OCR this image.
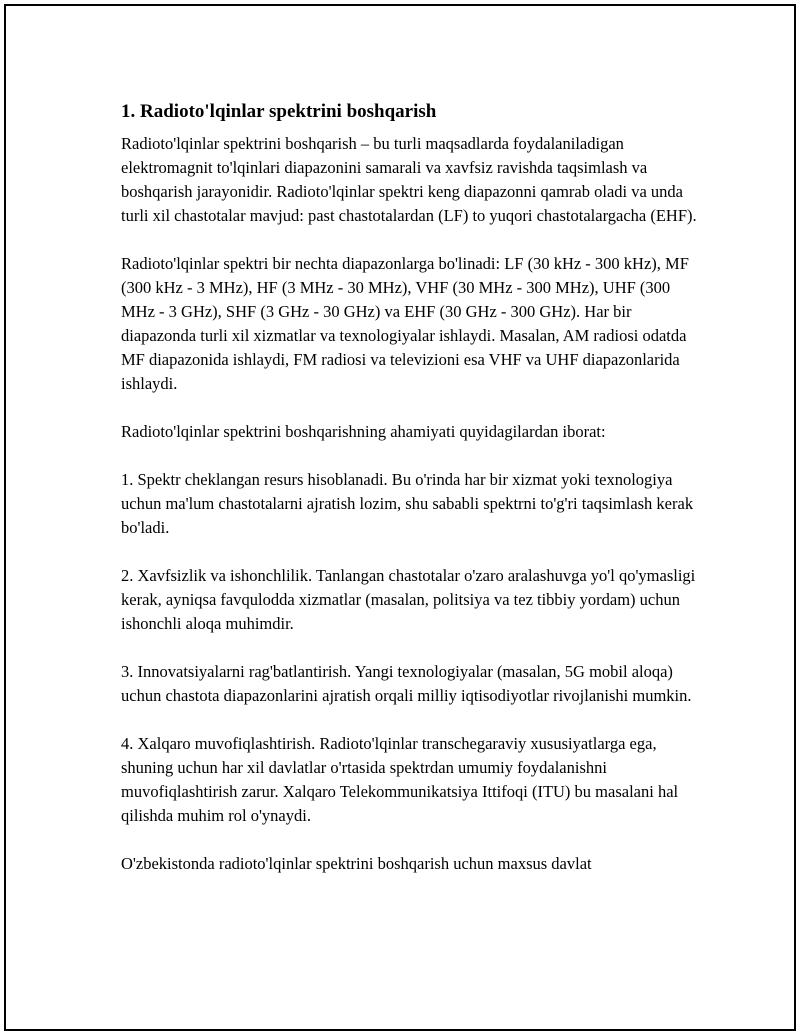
1. Radioto'lqinlar spektrini boshqarish

Radioto'lqinlar spektrini boshqarish – bu turli maqsadlarda foydalaniladigan elektromagnit to'lqinlari diapazonini samarali va xavfsiz ravishda taqsimlash va boshqarish jarayonidir. Radioto'lqinlar spektri keng diapazonni qamrab oladi va unda turli xil chastotalar mavjud: past chastotalardan (LF) to yuqori chastotalargacha (EHF).

Radioto'lqinlar spektri bir nechta diapazonlarga bo'linadi: LF (30 kHz - 300 kHz), MF (300 kHz - 3 MHz), HF (3 MHz - 30 MHz), VHF (30 MHz - 300 MHz), UHF (300 MHz - 3 GHz), SHF (3 GHz - 30 GHz) va EHF (30 GHz - 300 GHz). Har bir diapazonda turli xil xizmatlar va texnologiyalar ishlaydi. Masalan, AM radiosi odatda MF diapazonida ishlaydi, FM radiosi va televizioni esa VHF va UHF diapazonlarida ishlaydi.

Radioto'lqinlar spektrini boshqarishning ahamiyati quyidagilardan iborat:

1. Spektr cheklangan resurs hisoblanadi. Bu o'rinda har bir xizmat yoki texnologiya uchun ma'lum chastotalarni ajratish lozim, shu sababli spektrni to'g'ri taqsimlash kerak bo'ladi.

2. Xavfsizlik va ishonchlilik. Tanlangan chastotalar o'zaro aralashuvga yo'l qo'ymasligi kerak, ayniqsa favqulodda xizmatlar (masalan, politsiya va tez tibbiy yordam) uchun ishonchli aloqa muhimdir.

3. Innovatsiyalarni rag'batlantirish. Yangi texnologiyalar (masalan, 5G mobil aloqa) uchun chastota diapazonlarini ajratish orqali milliy iqtisodiyotlar rivojlanishi mumkin.

4. Xalqaro muvofiqlashtirish. Radioto'lqinlar transchegaraviy xususiyatlarga ega, shuning uchun har xil davlatlar o'rtasida spektrdan umumiy foydalanishni muvofiqlashtirish zarur. Xalqaro Telekommunikatsiya Ittifoqi (ITU) bu masalani hal qilishda muhim rol o'ynaydi.

O'zbekistonda radioto'lqinlar spektrini boshqarish uchun maxsus davlat
